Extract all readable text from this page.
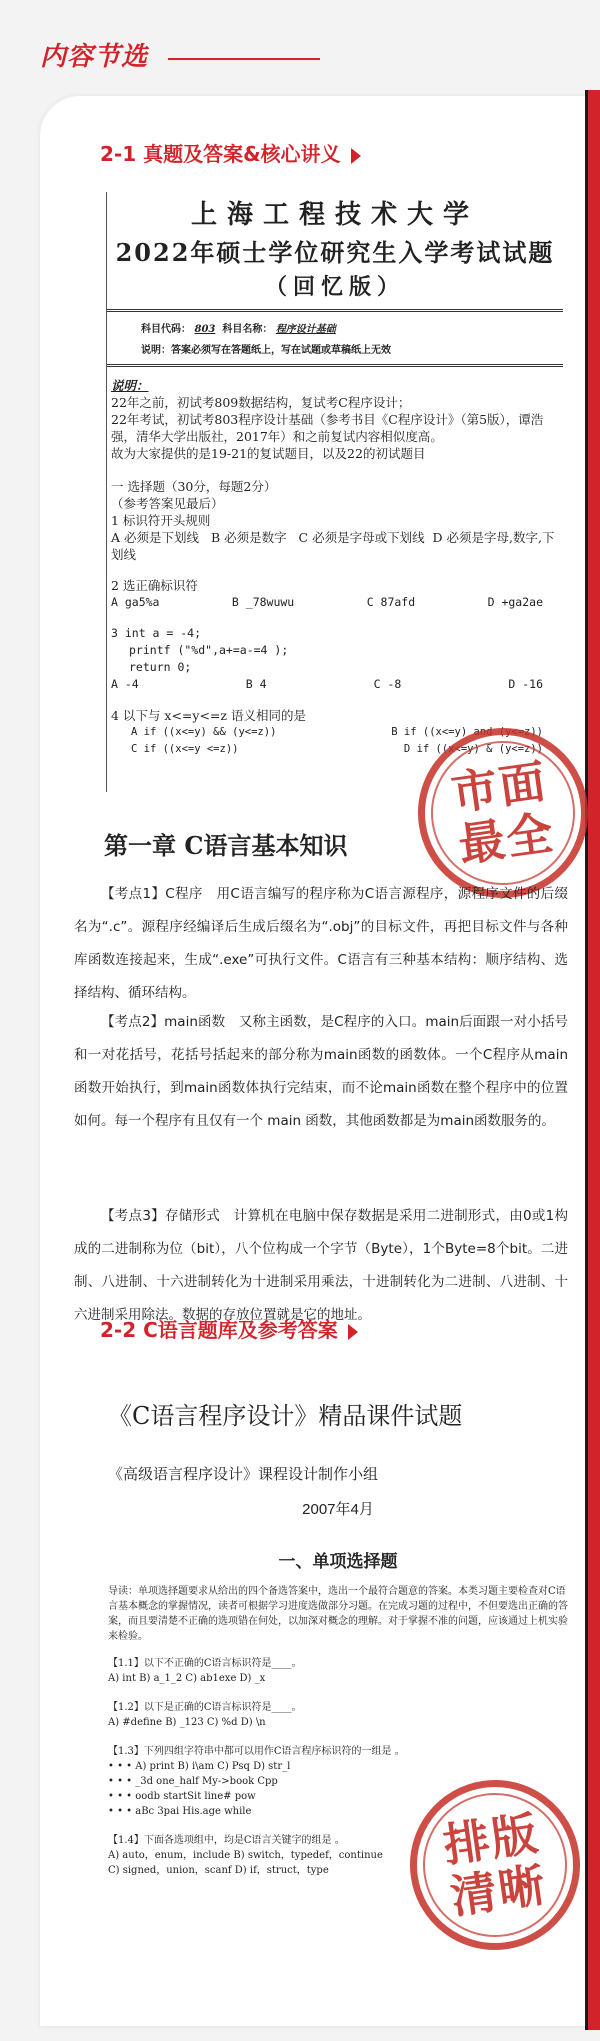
内容节选
2-1 真题及答案&核心讲义
上海工程技术大学
2022年硕士学位研究生入学考试试题
（回忆版）
科目代码： 803 科目名称： 程序设计基础
说明：答案必须写在答题纸上，写在试题或草稿纸上无效

说明：

22年之前，初试考809数据结构，复试考C程序设计；

22年考试，初试考803程序设计基础（参考书目《C程序设计》（第5版），谭浩强，清华大学出版社，2017年）和之前复试内容相似度高。

故为大家提供的是19-21的复试题目，以及22的初试题目

一 选择题（30分，每题2分）

（参考答案见最后）

1 标识符开头规则

A 必须是下划线 B 必须是数字 C 必须是字母或下划线 D 必须是字母,数字,下划线

2 选正确标识符

A ga5%a	B _78wuwu	C 87afd	D +ga2ae

3 int a = -4;

printf ("%d",a+=a-=4 );

return 0;

A -4	B 4	C -8	D -16

4 以下与 x<=y<=z 语义相同的是

A if ((x<=y) && (y<=z))	B if ((x<=y) and (y<=z))
C if ((x<=y <=z))	D if ((x<=y) & (y<=z))
市面
最全
第一章 C语言基本知识
【考点1】C程序　用C语言编写的程序称为C语言源程序，源程序文件的后缀名为“.c”。源程序经编译后生成后缀名为“.obj”的目标文件，再把目标文件与各种库函数连接起来，生成“.exe”可执行文件。C语言有三种基本结构：顺序结构、选择结构、循环结构。
【考点2】main函数　又称主函数，是C程序的入口。main后面跟一对小括号和一对花括号，花括号括起来的部分称为main函数的函数体。一个C程序从main函数开始执行，到main函数体执行完结束，而不论main函数在整个程序中的位置如何。每一个程序有且仅有一个 main 函数，其他函数都是为main函数服务的。
【考点3】存储形式　计算机在电脑中保存数据是采用二进制形式，由0或1构成的二进制称为位（bit），八个位构成一个字节（Byte），1个Byte=8个bit。二进制、八进制、十六进制转化为十进制采用乘法，十进制转化为二进制、八进制、十六进制采用除法。数据的存放位置就是它的地址。
2-2 C语言题库及参考答案
《C语言程序设计》精品课件试题
《高级语言程序设计》课程设计制作小组
2007年4月
一、单项选择题
导读：单项选择题要求从给出的四个备选答案中，选出一个最符合题意的答案。本类习题主要检查对C语言基本概念的掌握情况，读者可根据学习进度选做部分习题。在完成习题的过程中，不但要选出正确的答案，而且要清楚不正确的选项错在何处，以加深对概念的理解。对于掌握不准的问题，应该通过上机实验来检验。

【1.1】以下不正确的C语言标识符是____。

A) int B) a_1_2 C) ab1exe D) _x

【1.2】以下是正确的C语言标识符是____。

A) #define B) _123 C) %d D) \n

【1.3】下列四组字符串中都可以用作C语言程序标识符的一组是 。

• • • A) print B) i\am C) Psq D) str_l

• • • _3d one_half My->book Cpp

• • • oodb startSit line# pow

• • • aBc 3pai His.age while

【1.4】下面各选项组中，均是C语言关键字的组是 。

A) auto，enum，include B) switch，typedef，continue

C) signed，union，scanf D) if，struct，type	排版
清晰
